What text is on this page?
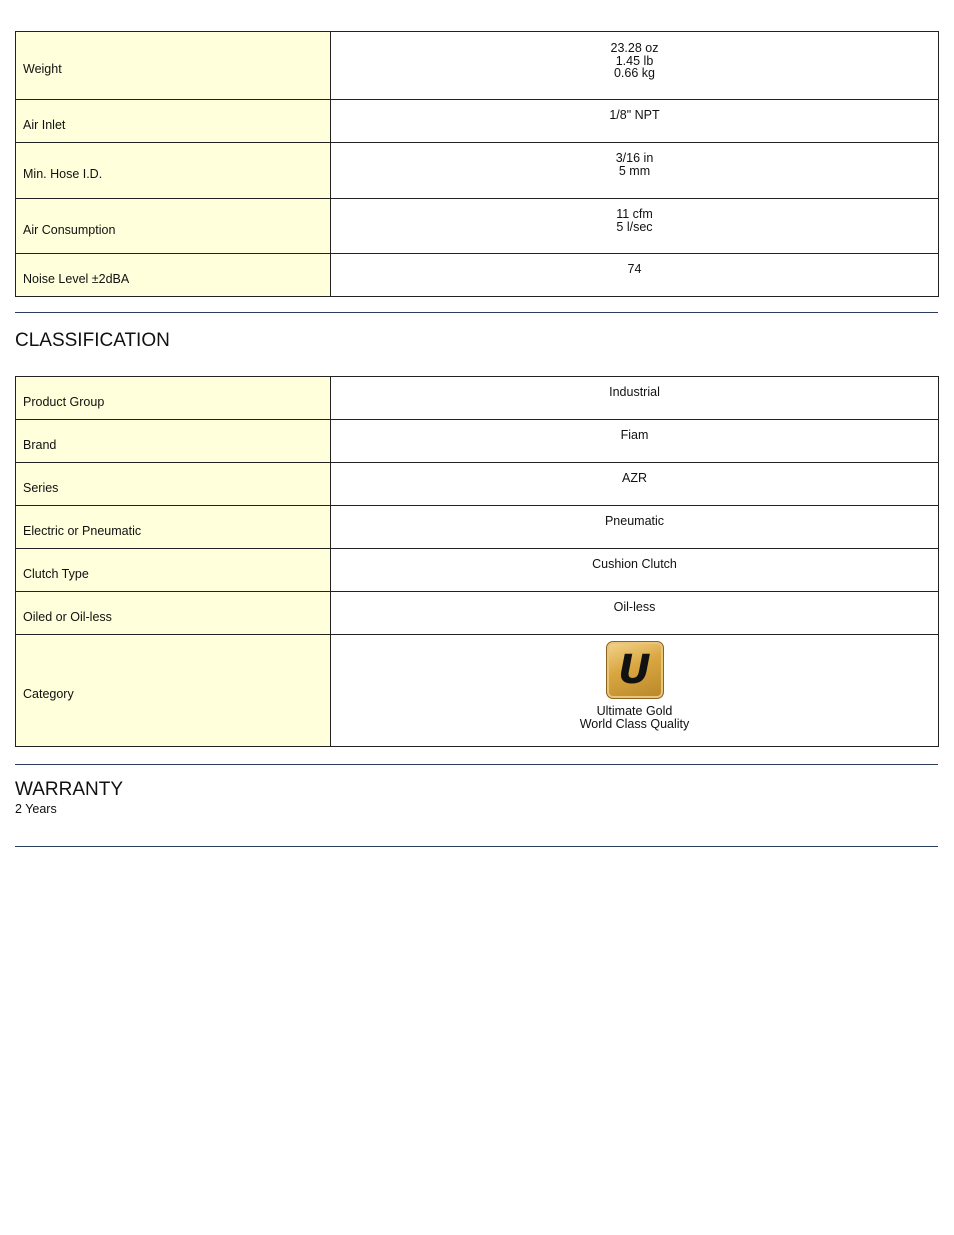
Weight	23.28 oz
1.45 lb
0.66 kg

Air Inlet	1/8" NPT

Min. Hose I.D.	3/16 in
5 mm

Air Consumption	11 cfm
5 l/sec

Noise Level ±2dBA	74
CLASSIFICATION
Product Group	Industrial
Brand	Fiam
Series	AZR
Electric or Pneumatic	Pneumatic
Clutch Type	Cushion Clutch
Oiled or Oil-less	Oil-less
Category	U
Ultimate Gold
World Class Quality
WARRANTY
2 Years
